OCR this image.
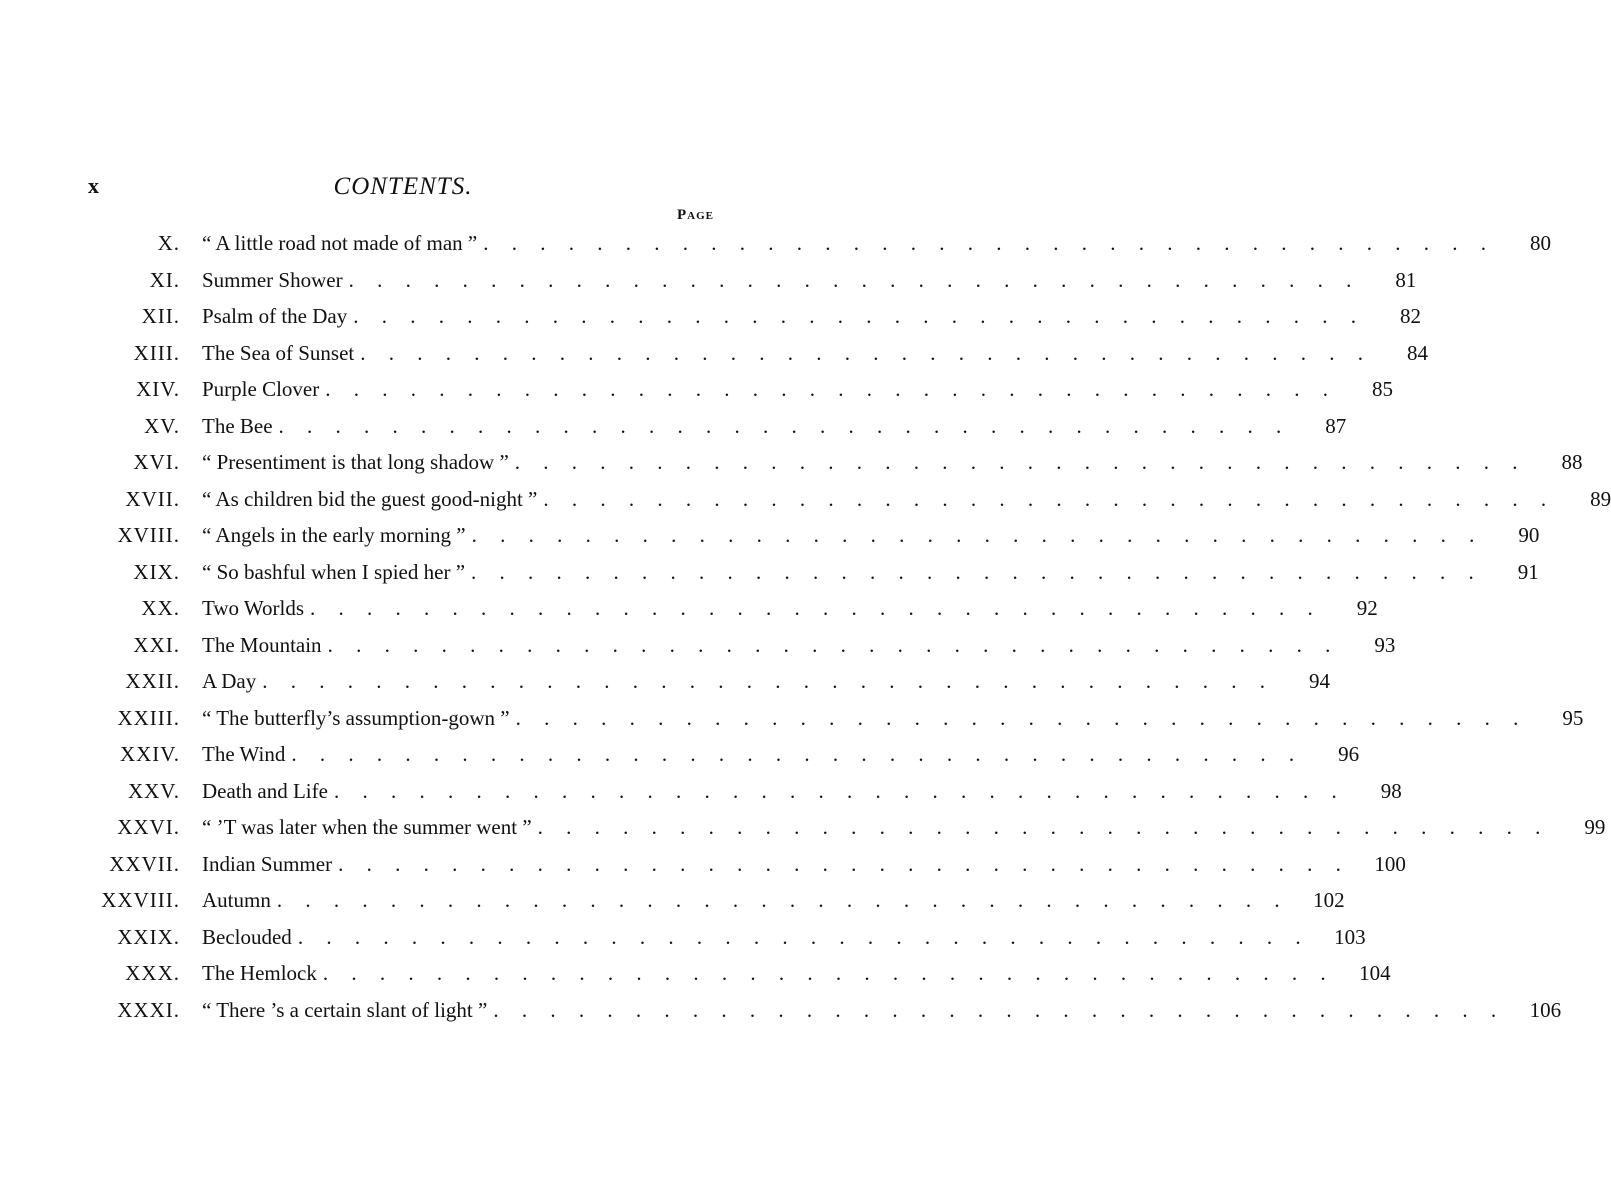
x	CONTENTS.
Page
X. “ A little road not made of man ” . . . . . . . . . . . . . . . . . . . . . . . . . . . . . . . . . . . .	80
XI. Summer Shower . . . . . . . . . . . . . . . . . . . . . . . . . . . . . . . . . . . .	81
XII. Psalm of the Day . . . . . . . . . . . . . . . . . . . . . . . . . . . . . . . . . . . .	82
XIII. The Sea of Sunset . . . . . . . . . . . . . . . . . . . . . . . . . . . . . . . . . . . .	84
XIV. Purple Clover . . . . . . . . . . . . . . . . . . . . . . . . . . . . . . . . . . . .	85
XV. The Bee . . . . . . . . . . . . . . . . . . . . . . . . . . . . . . . . . . . .	87
XVI. “ Presentiment is that long shadow ” . . . . . . . . . . . . . . . . . . . . . . . . . . . . . . . . . . . .	88
XVII. “ As children bid the guest good-night ” . . . . . . . . . . . . . . . . . . . . . . . . . . . . . . . . . . . .	89
XVIII. “ Angels in the early morning ” . . . . . . . . . . . . . . . . . . . . . . . . . . . . . . . . . . . .	90
XIX. “ So bashful when I spied her ” . . . . . . . . . . . . . . . . . . . . . . . . . . . . . . . . . . . .	91
XX. Two Worlds . . . . . . . . . . . . . . . . . . . . . . . . . . . . . . . . . . . .	92
XXI. The Mountain . . . . . . . . . . . . . . . . . . . . . . . . . . . . . . . . . . . .	93
XXII. A Day . . . . . . . . . . . . . . . . . . . . . . . . . . . . . . . . . . . .	94
XXIII. “ The butterfly’s assumption-gown ” . . . . . . . . . . . . . . . . . . . . . . . . . . . . . . . . . . . .	95
XXIV. The Wind . . . . . . . . . . . . . . . . . . . . . . . . . . . . . . . . . . . .	96
XXV. Death and Life . . . . . . . . . . . . . . . . . . . . . . . . . . . . . . . . . . . .	98
XXVI. “ ’T was later when the summer went ” . . . . . . . . . . . . . . . . . . . . . . . . . . . . . . . . . . . .	99
XXVII. Indian Summer . . . . . . . . . . . . . . . . . . . . . . . . . . . . . . . . . . . .	100
XXVIII. Autumn . . . . . . . . . . . . . . . . . . . . . . . . . . . . . . . . . . . .	102
XXIX. Beclouded . . . . . . . . . . . . . . . . . . . . . . . . . . . . . . . . . . . .	103
XXX. The Hemlock . . . . . . . . . . . . . . . . . . . . . . . . . . . . . . . . . . . .	104
XXXI. “ There ’s a certain slant of light ” . . . . . . . . . . . . . . . . . . . . . . . . . . . . . . . . . . . .	106
